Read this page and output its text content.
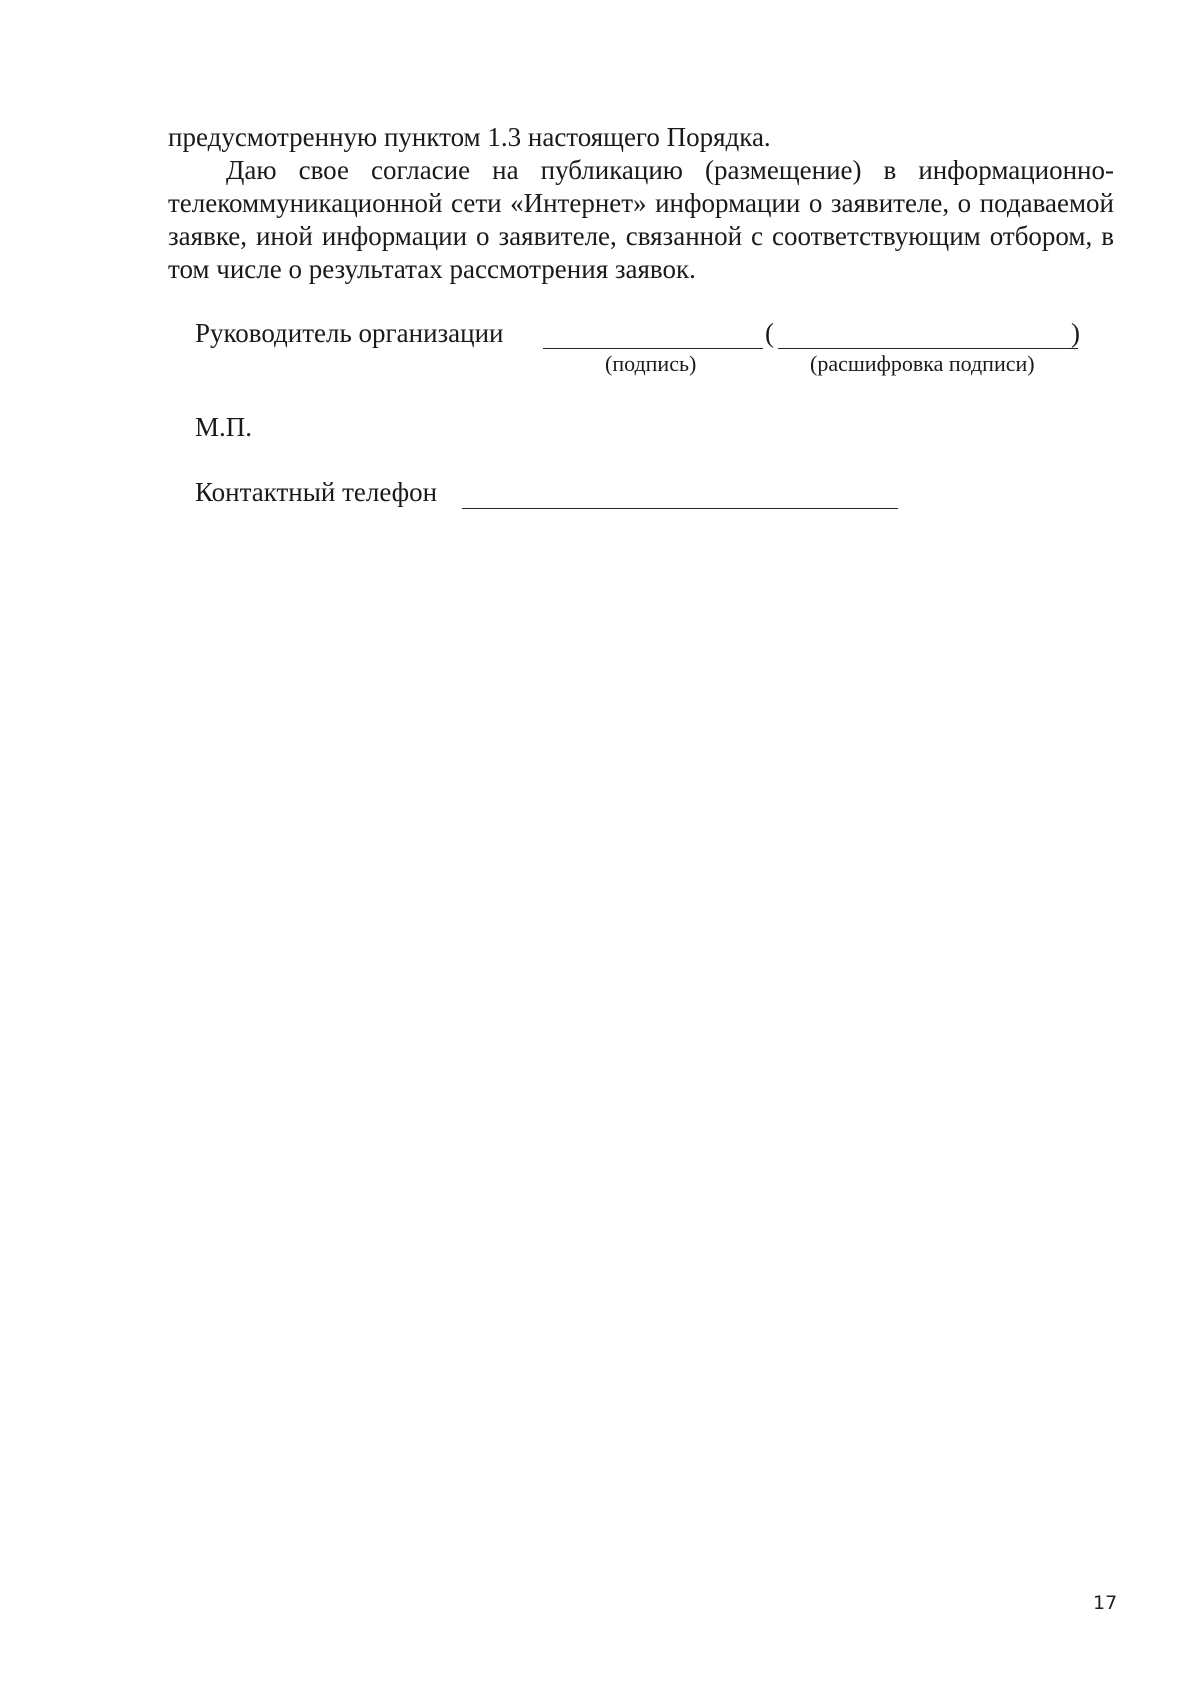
предусмотренную пунктом 1.3 настоящего Порядка.

Даю свое согласие на публикацию (размещение) в информационно-телекоммуникационной сети «Интернет» информации о заявителе, о подаваемой заявке, иной информации о заявителе, связанной с соответствующим отбором, в том числе о результатах рассмотрения заявок.

Руководитель организации	(	)

(подпись)	(расшифровка подписи)

М.П.

Контактный телефон

17
